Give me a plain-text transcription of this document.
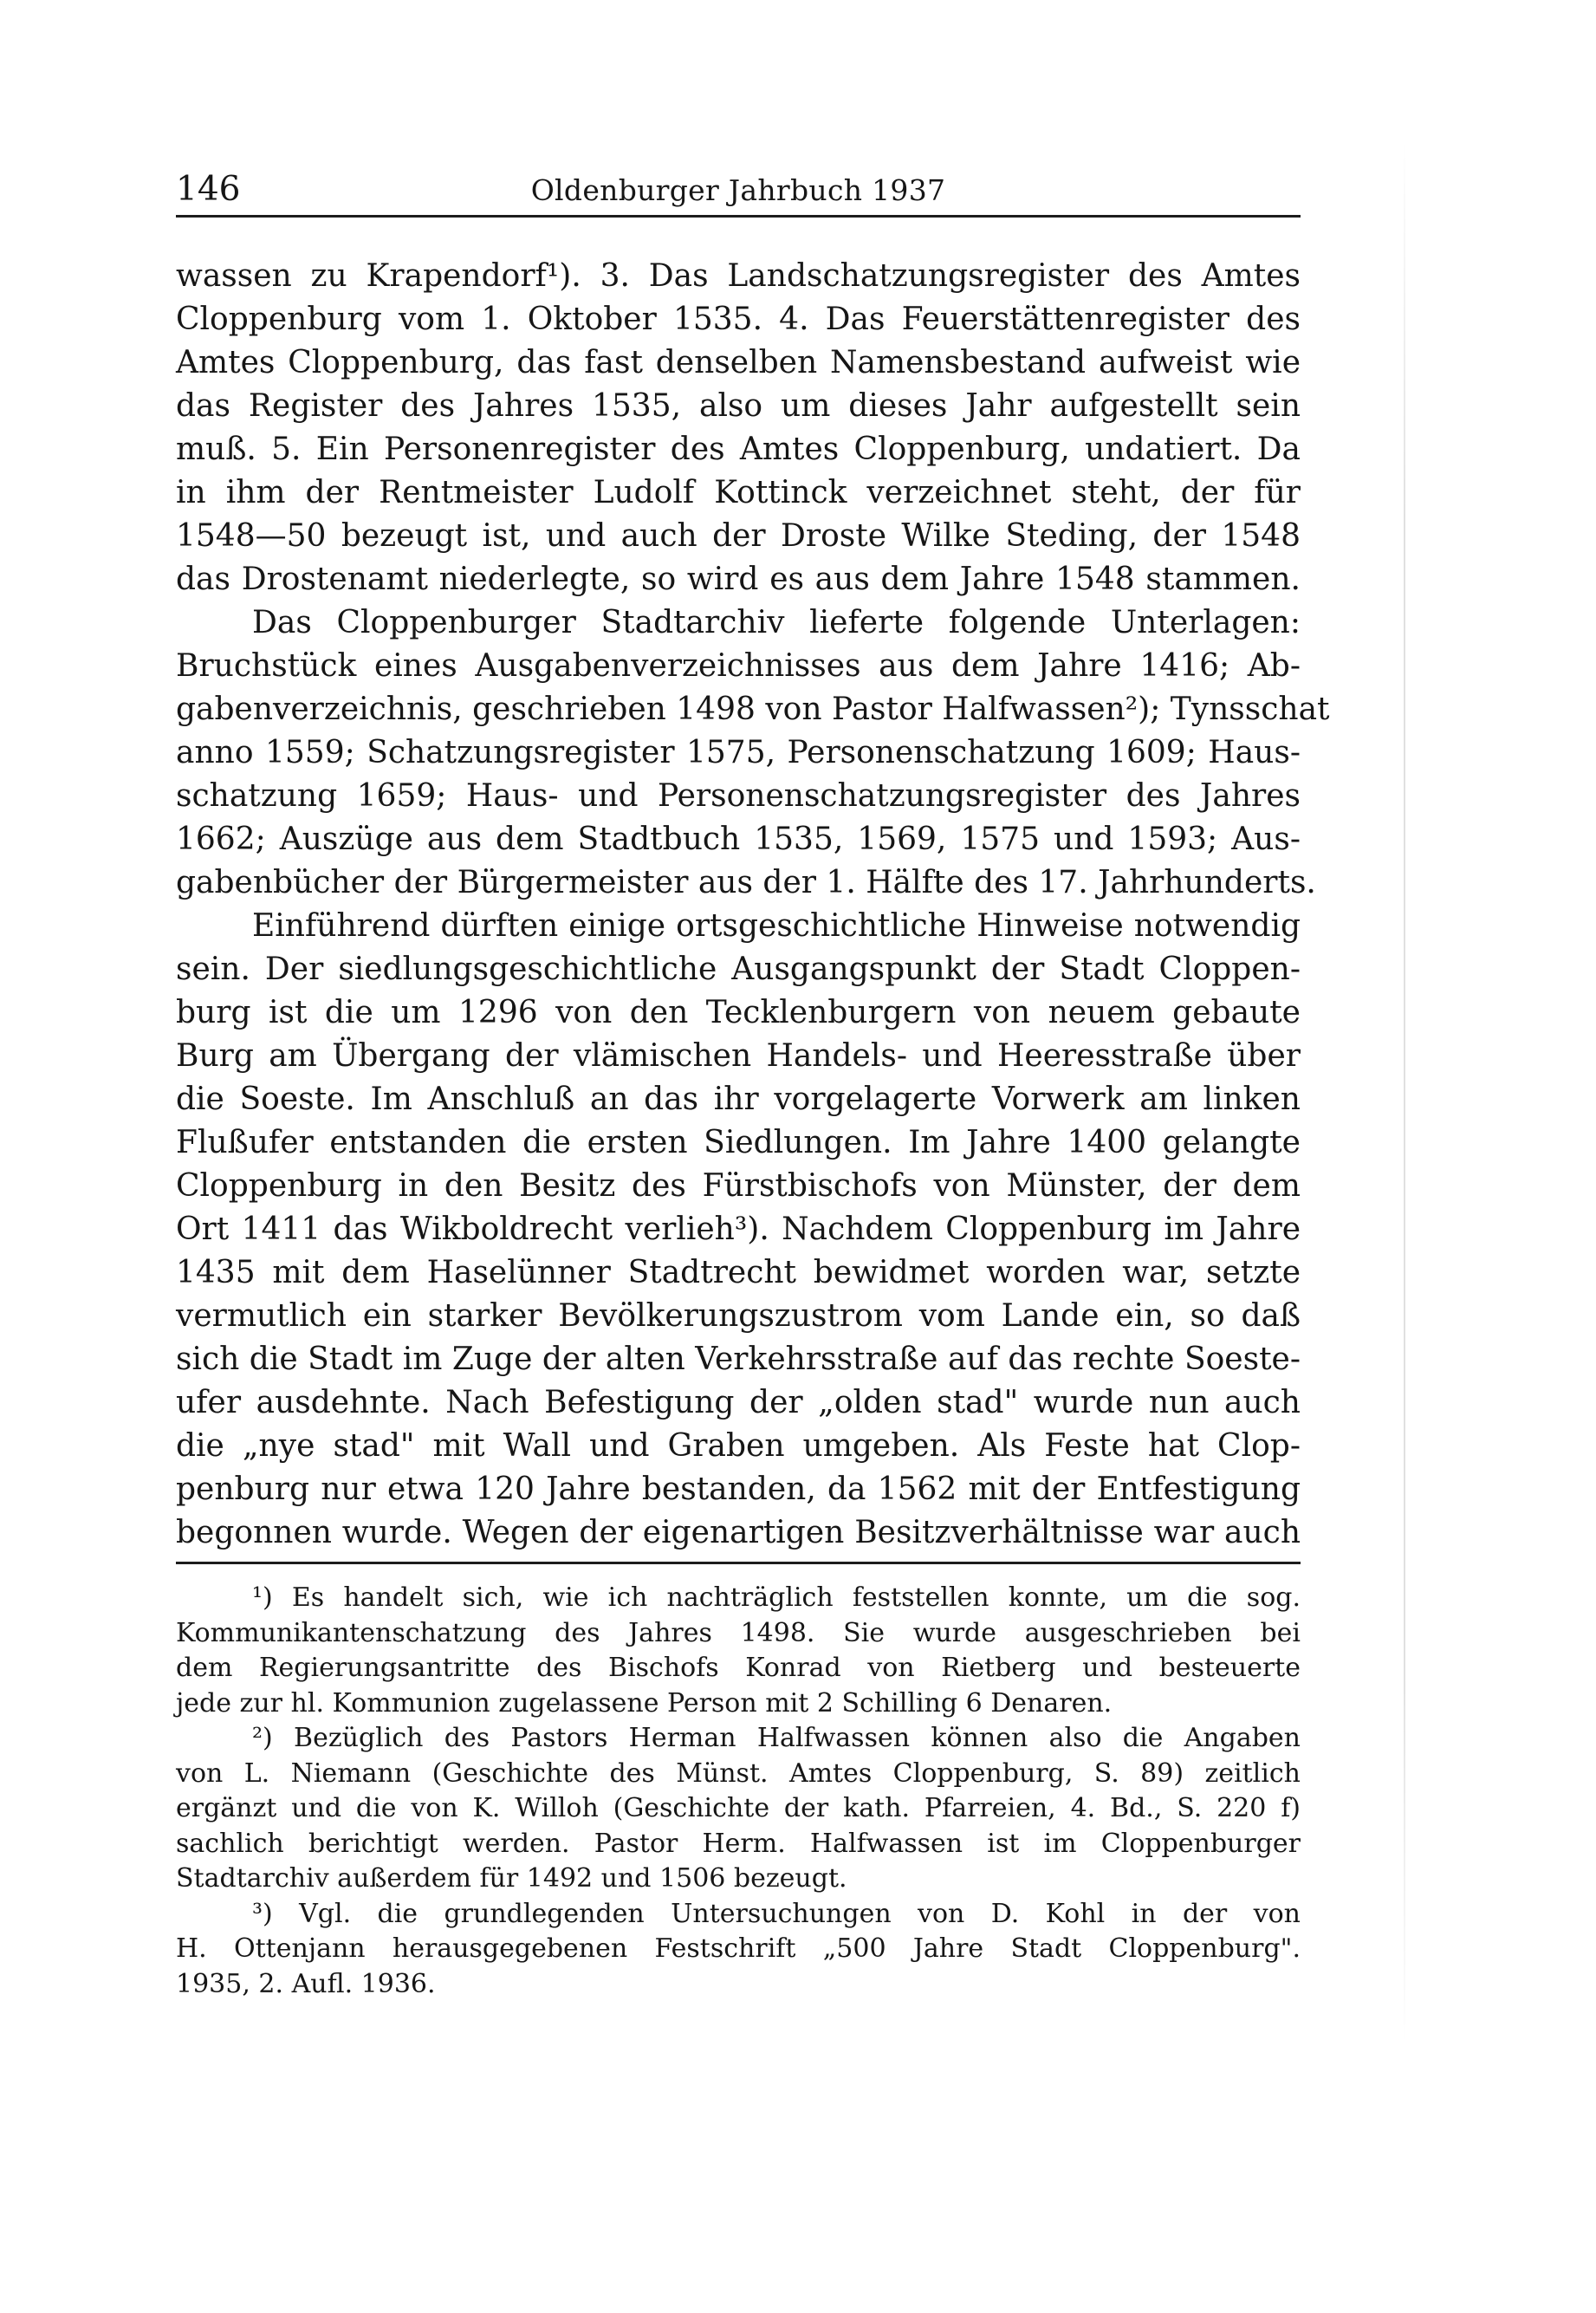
146	Oldenburger Jahrbuch 1937
wassen zu Krapendorf¹). 3. Das Landschatzungsregister des Amtes
Cloppenburg vom 1. Oktober 1535. 4. Das Feuerstättenregister des
Amtes Cloppenburg, das fast denselben Namensbestand aufweist wie
das Register des Jahres 1535, also um dieses Jahr aufgestellt sein
muß. 5. Ein Personenregister des Amtes Cloppenburg, undatiert. Da
in ihm der Rentmeister Ludolf Kottinck verzeichnet steht, der für
1548—50 bezeugt ist, und auch der Droste Wilke Steding, der 1548
das Drostenamt niederlegte, so wird es aus dem Jahre 1548 stammen.
Das Cloppenburger Stadtarchiv lieferte folgende Unterlagen:
Bruchstück eines Ausgabenverzeichnisses aus dem Jahre 1416; Ab-
gabenverzeichnis, geschrieben 1498 von Pastor Halfwassen²); Tynsschat
anno 1559; Schatzungsregister 1575, Personenschatzung 1609; Haus-
schatzung 1659; Haus- und Personenschatzungsregister des Jahres
1662; Auszüge aus dem Stadtbuch 1535, 1569, 1575 und 1593; Aus-
gabenbücher der Bürgermeister aus der 1. Hälfte des 17. Jahrhunderts.
Einführend dürften einige ortsgeschichtliche Hinweise notwendig
sein. Der siedlungsgeschichtliche Ausgangspunkt der Stadt Cloppen-
burg ist die um 1296 von den Tecklenburgern von neuem gebaute
Burg am Übergang der vlämischen Handels- und Heeresstraße über
die Soeste. Im Anschluß an das ihr vorgelagerte Vorwerk am linken
Flußufer entstanden die ersten Siedlungen. Im Jahre 1400 gelangte
Cloppenburg in den Besitz des Fürstbischofs von Münster, der dem
Ort 1411 das Wikboldrecht verlieh³). Nachdem Cloppenburg im Jahre
1435 mit dem Haselünner Stadtrecht bewidmet worden war, setzte
vermutlich ein starker Bevölkerungszustrom vom Lande ein, so daß
sich die Stadt im Zuge der alten Verkehrsstraße auf das rechte Soeste-
ufer ausdehnte. Nach Befestigung der „olden stad" wurde nun auch
die „nye stad" mit Wall und Graben umgeben. Als Feste hat Clop-
penburg nur etwa 120 Jahre bestanden, da 1562 mit der Entfestigung
begonnen wurde. Wegen der eigenartigen Besitzverhältnisse war auch
¹) Es handelt sich, wie ich nachträglich feststellen konnte, um die sog.
Kommunikantenschatzung des Jahres 1498. Sie wurde ausgeschrieben bei
dem Regierungsantritte des Bischofs Konrad von Rietberg und besteuerte
jede zur hl. Kommunion zugelassene Person mit 2 Schilling 6 Denaren.
²) Bezüglich des Pastors Herman Halfwassen können also die Angaben
von L. Niemann (Geschichte des Münst. Amtes Cloppenburg, S. 89) zeitlich
ergänzt und die von K. Willoh (Geschichte der kath. Pfarreien, 4. Bd., S. 220 f)
sachlich berichtigt werden. Pastor Herm. Halfwassen ist im Cloppenburger
Stadtarchiv außerdem für 1492 und 1506 bezeugt.
³) Vgl. die grundlegenden Untersuchungen von D. Kohl in der von
H. Ottenjann herausgegebenen Festschrift „500 Jahre Stadt Cloppenburg".
1935, 2. Aufl. 1936.
